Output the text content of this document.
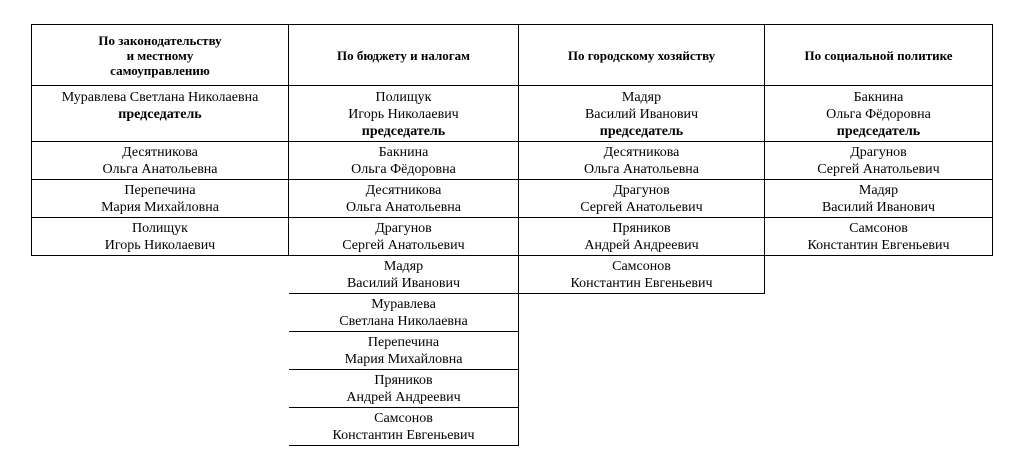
По законодательству
и местному
самоуправлению
Муравлева Светлана Николаевна
председатель
Десятникова
Ольга Анатольевна
Перепечина
Мария Михайловна
Полищук
Игорь Николаевич
По бюджету и налогам
Полищук
Игорь Николаевич
председатель
Бакнина
Ольга Фёдоровна
Десятникова
Ольга Анатольевна
Драгунов
Сергей Анатольевич
Мадяр
Василий Иванович
Муравлева
Светлана Николаевна
Перепечина
Мария Михайловна
Пряников
Андрей Андреевич
Самсонов
Константин Евгеньевич
По городскому хозяйству
Мадяр
Василий Иванович
председатель
Десятникова
Ольга Анатольевна
Драгунов
Сергей Анатольевич
Пряников
Андрей Андреевич
Самсонов
Константин Евгеньевич
По социальной политике
Бакнина
Ольга Фёдоровна
председатель
Драгунов
Сергей Анатольевич
Мадяр
Василий Иванович
Самсонов
Константин Евгеньевич
